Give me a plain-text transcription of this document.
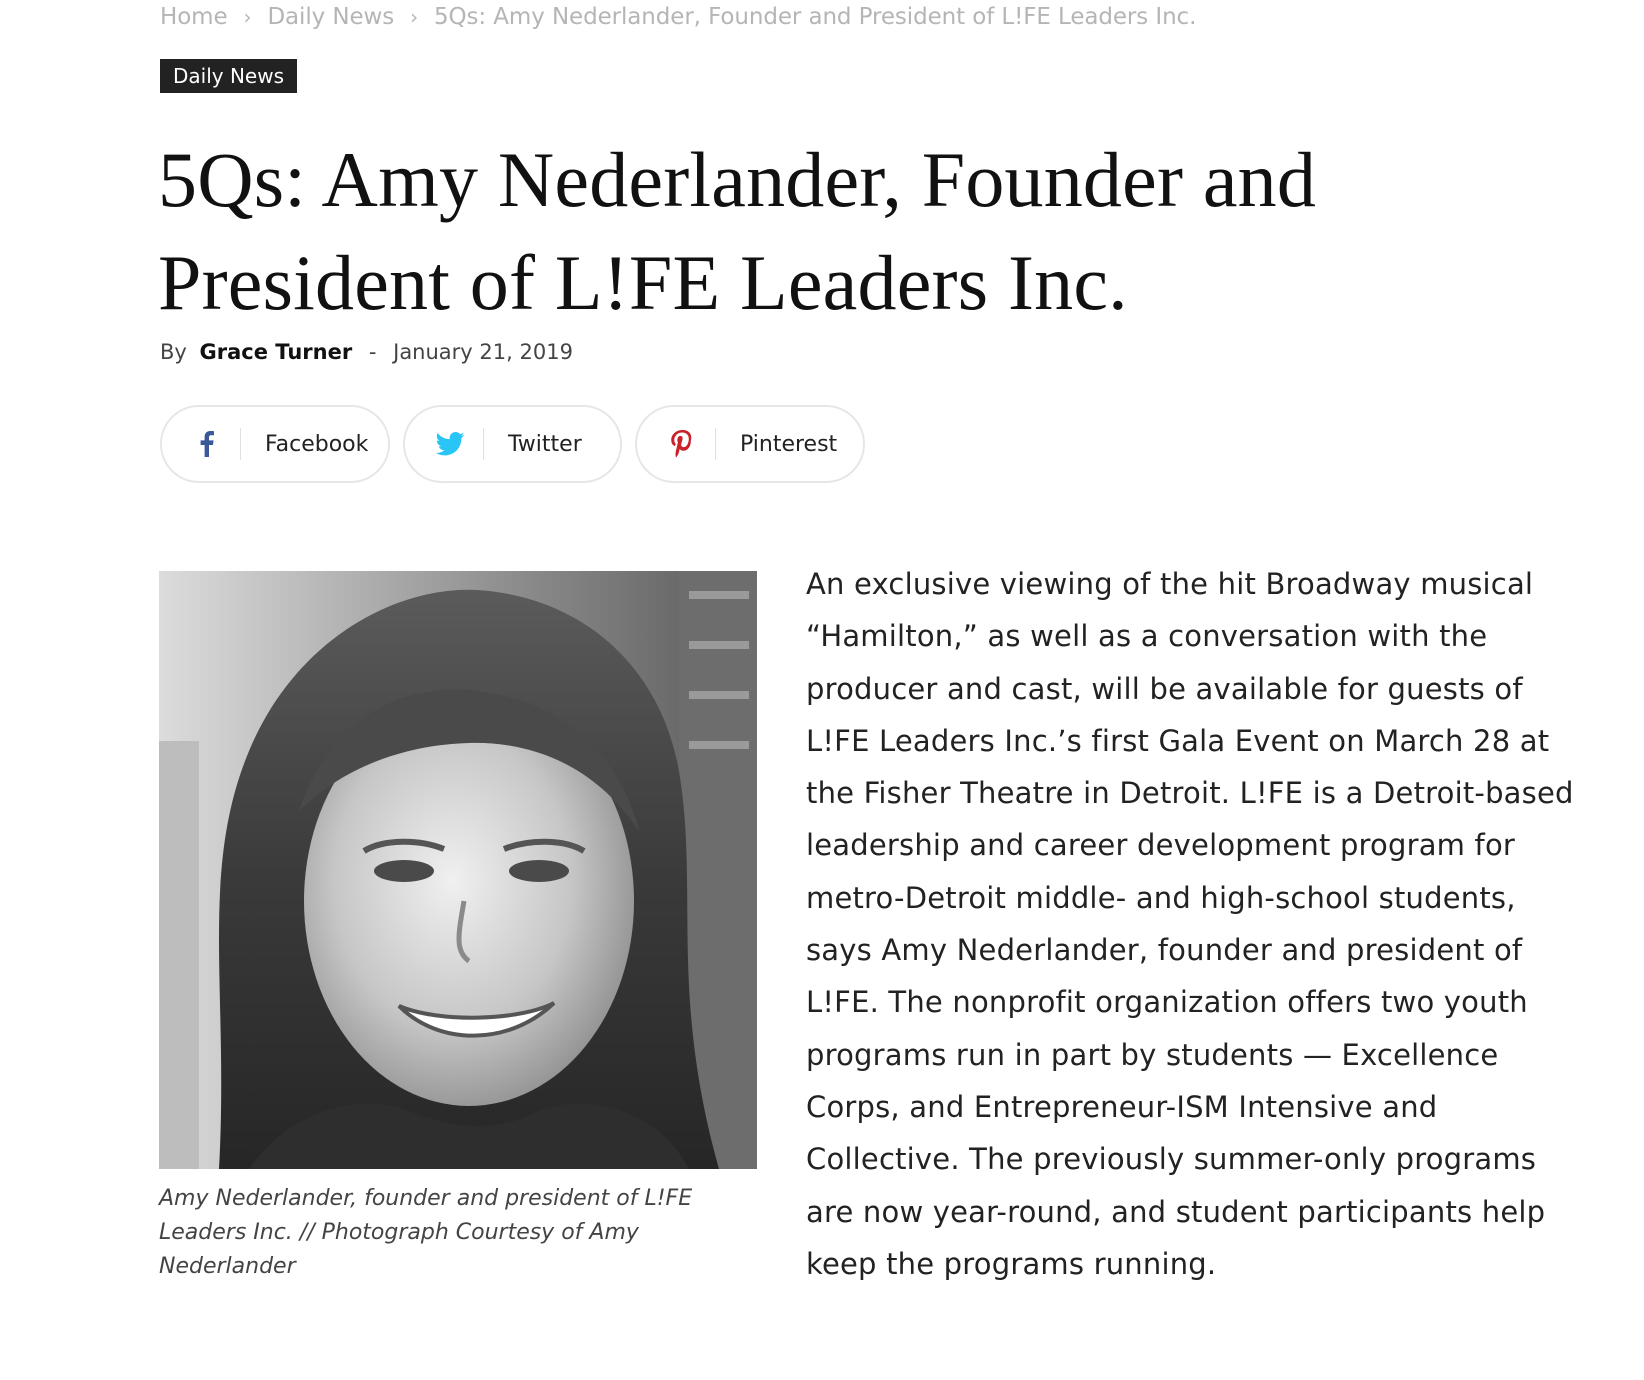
Home › Daily News › 5Qs: Amy Nederlander, Founder and President of L!FE Leaders Inc.
Daily News
5Qs: Amy Nederlander, Founder and President of L!FE Leaders Inc.
By Grace Turner - January 21, 2019
Facebook	Twitter	Pinterest
Amy Nederlander, founder and president of L!FE Leaders Inc. // Photograph Courtesy of Amy Nederlander

An exclusive viewing of the hit Broadway musical “Hamilton,” as well as a conversation with the producer and cast, will be available for guests of L!FE Leaders Inc.’s first Gala Event on March 28 at the Fisher Theatre in Detroit. L!FE is a Detroit-based leadership and career development program for metro-Detroit middle- and high-school students, says Amy Nederlander, founder and president of L!FE. The nonprofit organization offers two youth programs run in part by students — Excellence Corps, and Entrepreneur-ISM Intensive and Collective. The previously summer-only programs are now year-round, and student participants help keep the programs running.
